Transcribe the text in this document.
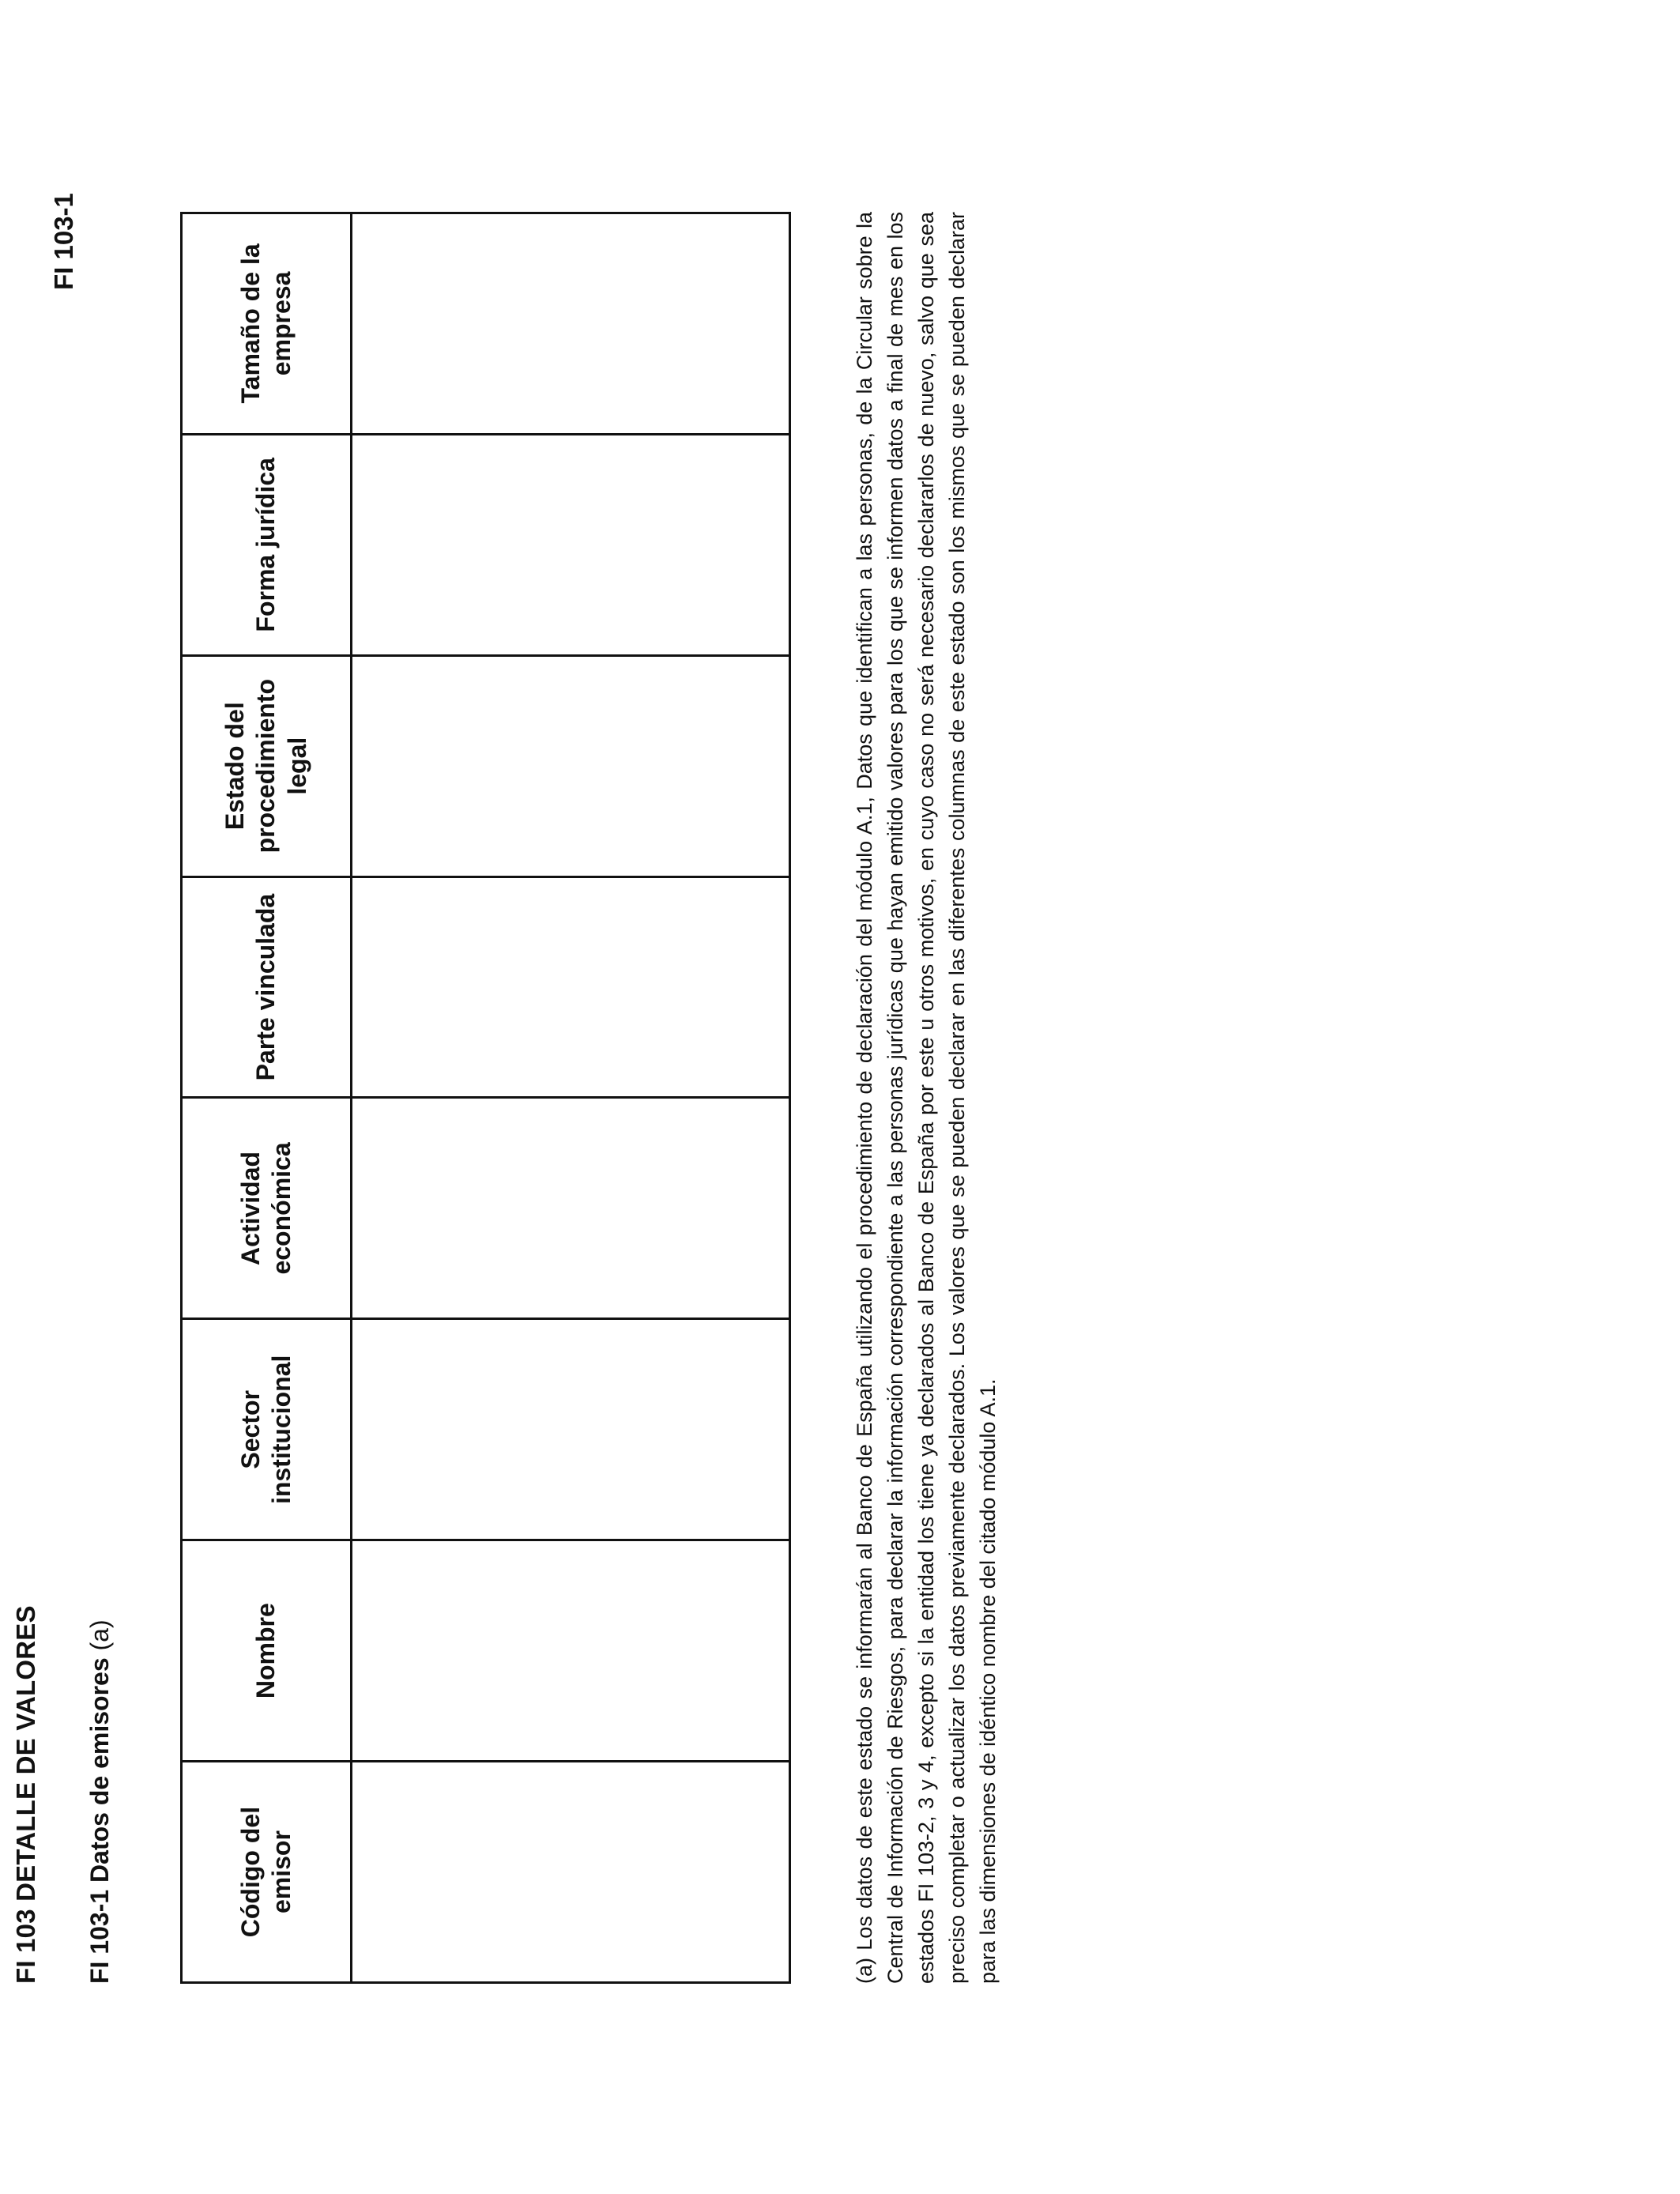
FI 103 DETALLE DE VALORES
FI 103-1
FI 103-1 Datos de emisores (a)
Código del emisor	Nombre	Sector institucional	Actividad económica	Parte vinculada	Estado del procedimiento legal	Forma jurídica	Tamaño de la empresa
								(a) Los datos de este estado se informarán al Banco de España utilizando el procedimiento de declaración del módulo A.1, Datos que identifican a las personas, de la Circular sobre la Central de Información de Riesgos, para declarar la información correspondiente a las personas jurídicas que hayan emitido valores para los que se informen datos a final de mes en los estados FI 103-2, 3 y 4, excepto si la entidad los tiene ya declarados al Banco de España por este u otros motivos, en cuyo caso no será necesario declararlos de nuevo, salvo que sea preciso completar o actualizar los datos previamente declarados. Los valores que se pueden declarar en las diferentes columnas de este estado son los mismos que se pueden declarar para las dimensiones de idéntico nombre del citado módulo A.1.
